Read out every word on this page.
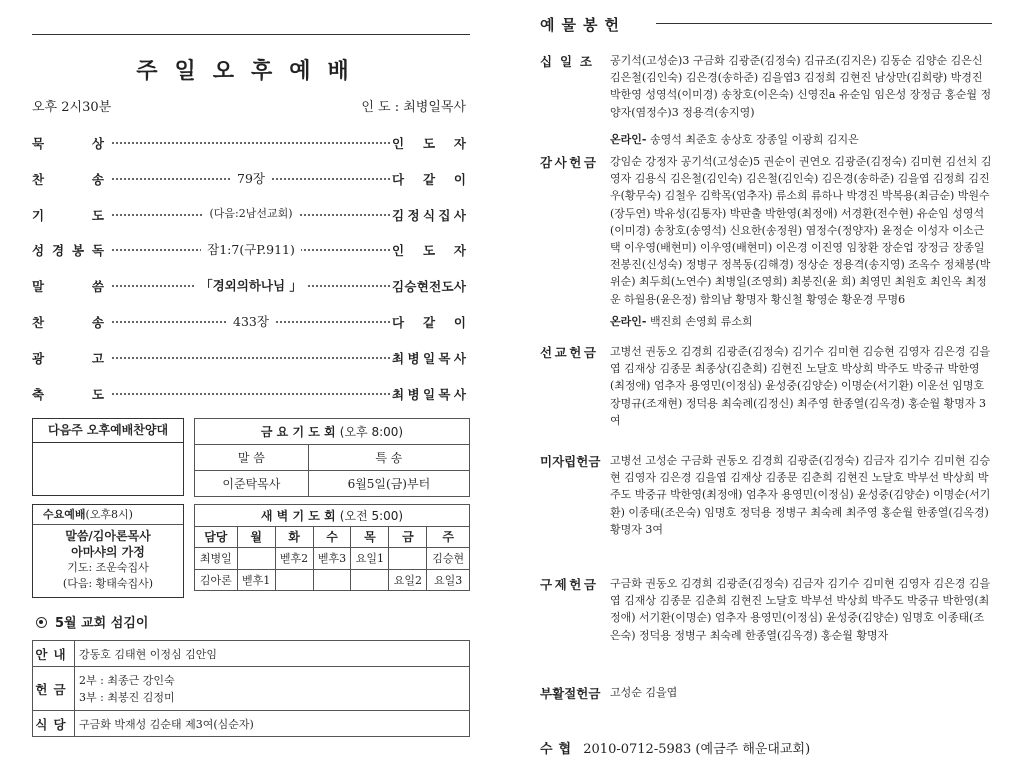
주일오후예배
오후 2시30분	인 도 : 최병일목사
묵	상	인 도 자
찬	송	79장	다 같 이
기	도	(다음:2남선교회)	김 정 식 집 사
성 경 봉 독	잠1:7(구P.911)	인 도 자
말	씀	「경외의하나님 」	김 승 현 전 도 사
찬	송	433장	다 같 이
광	고	최 병 일 목 사
축	도	최 병 일 목 사
다음주 오후예배찬양대	금 요 기 도 회 (오후 8:00)	
말 씀	특 송
이준탁목사	6월5일(금)부터
수요예배(오후8시)
말씀/김아론목사
아마샤의 가정
기도: 조운숙집사
(다음: 황태숙집사)
새 벽 기 도 회 (오전 5:00)						
담당	월	화	수	목	금	주
최병일		벧후2	벧후3	요일1		김승현
김아론	벧후1				요일2	요일3
5월 교회 섬김이
안내	강동호 김태현 이정심 김안임
헌금	2부 : 최종근 강인숙
3부 : 최봉진 김정미

식당	구금화 박재성 김순태 제3여(심순자)
예물봉헌
십 일 조 공기석(고성순)3 구금화 김광준(김정숙) 김규조(김지은) 김동순 김양순 김은신 김은철(김인숙) 김은경(송하준) 김을엽3 김정희 김현진 남상만(김희량) 박경진 박한영 성영석(이미경) 송창호(이은숙) 신영진a 유순임 임은성 장정금 홍순월 정양자(염정수)3 정용격(송지영)
감 사 헌 금 강임순 강정자 공기석(고성순)5 권순이 권연오 김광준(김정숙) 김미현 김선치 김영자 김용식 김은철(김인숙) 김은철(김인숙) 김은경(송하준) 김을엽 김정희 김진우(황무숙) 김철우 김학목(엄추자) 류소희 류하나 박경진 박복용(최금순) 박원수(장두연) 박유성(김통자) 박판출 박한영(최정애) 서경환(전수현) 유순임 성영석(이미경) 송창호(송영석) 신요한(송정원) 염정수(정양자) 윤정순 이성자 이소근택 이우영(배현미) 이우영(배현미) 이은경 이진영 임창환 장순업 장정금 장종일 전봉진(신성숙) 정병구 정복동(김해경) 정상순 정용격(송지영) 조옥수 정채봉(박위순) 최두희(노연수) 최병일(조영희) 최봉진(윤 희) 최영민 최원호 최인옥 최정운 하월용(윤은정) 함의남 황명자 황신철 황영순 황운경 무명6
선 교 헌 금 고병선 권동오 김경희 김광준(김정숙) 김기수 김미현 김승현 김영자 김은경 김을엽 김재상 김종문 최종상(김춘희) 김현진 노달호 박상희 박주도 박중규 박한영(최정애) 엄추자 용영민(이정심) 윤성중(김양순) 이명순(서기환) 이운선 임명호 장명규(조재현) 정덕용 최숙례(김정신) 최주영 한종열(김옥경) 홍순월 황명자 3여
미 자 립 헌 금 고병선 고성순 구금화 권동오 김경희 김광준(김정숙) 김금자 김기수 김미현 김승현 김영자 김은경 김을엽 김재상 김종문 김춘희 김현진 노달호 박부선 박상희 박주도 박중규 박한영(최정애) 엄추자 용영민(이정심) 윤성중(김양순) 이명순(서기환) 이종태(조은숙) 임명호 정덕용 정병구 최숙례 최주영 홍순월 한종열(김옥경) 황명자 3여
구 제 헌 금 구금화 권동오 김경희 김광준(김정숙) 김금자 김기수 김미현 김영자 김은경 김을엽 김재상 김종문 김춘희 김현진 노달호 박부선 박상희 박주도 박중규 박한영(최정애) 서기환(이명순) 엄추자 용영민(이정심) 윤성중(김양순) 임명호 이종태(조은숙) 정덕용 정병구 최숙례 한종열(김옥경) 홍순월 황명자
부 활 절 헌 금 고성순 김을엽
온라인- 송영석 최준호 송상호 장종일 이광희 김지은
온라인- 백진희 손영희 류소희
수협 2010-0712-5983 (예금주 해운대교회)
